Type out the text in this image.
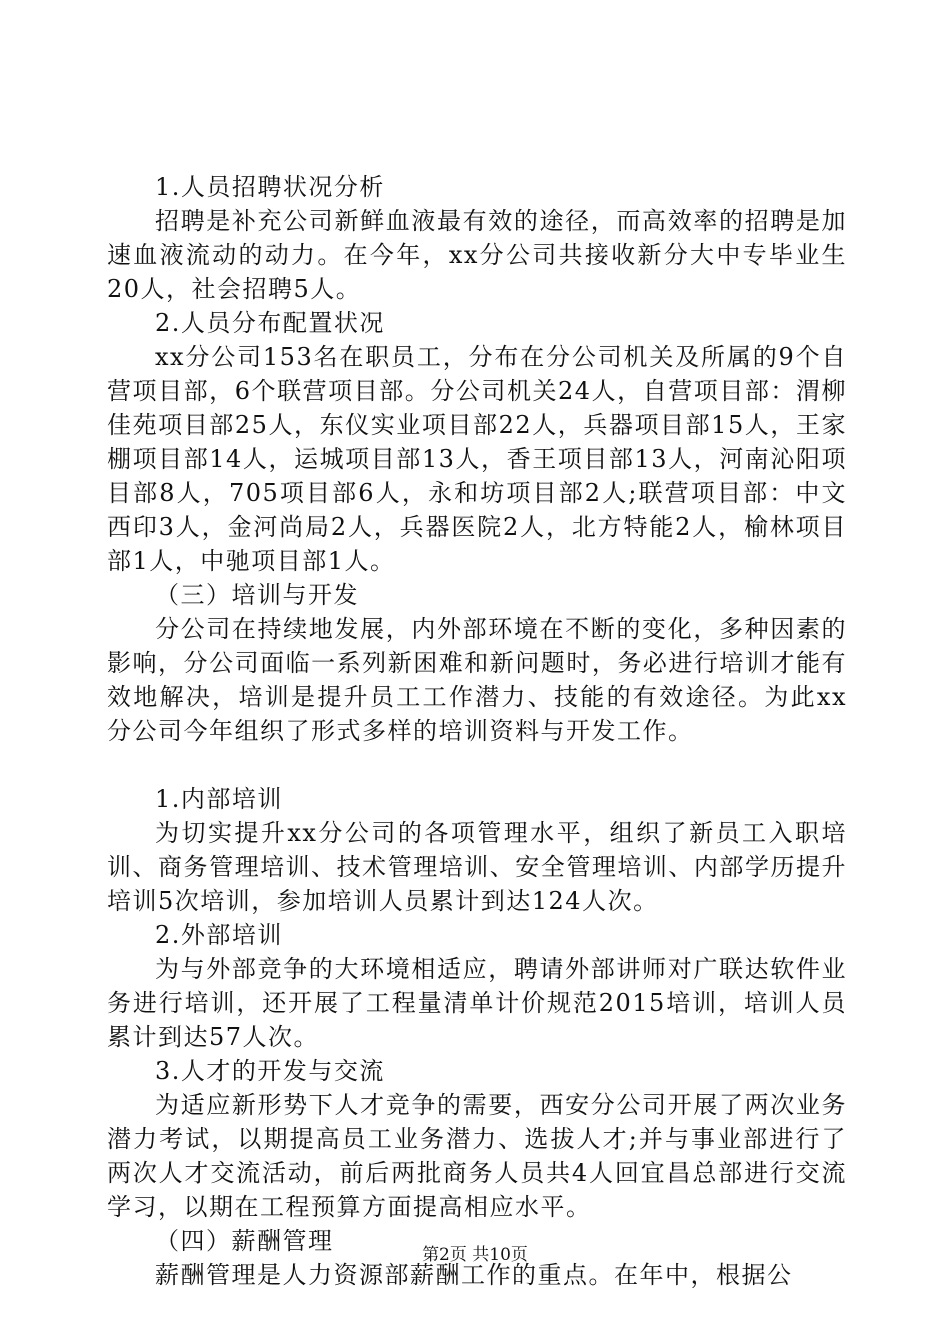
1.人员招聘状况分析

招聘是补充公司新鲜血液最有效的途径，而高效率的招聘是加速血液流动的动力。在今年，xx分公司共接收新分大中专毕业生20人，社会招聘5人。

2.人员分布配置状况

xx分公司153名在职员工，分布在分公司机关及所属的9个自营项目部，6个联营项目部。分公司机关24人，自营项目部：渭柳佳苑项目部25人，东仪实业项目部22人，兵器项目部15人，王家棚项目部14人，运城项目部13人，香王项目部13人，河南沁阳项目部8人，705项目部6人，永和坊项目部2人;联营项目部：中文西印3人，金河尚局2人，兵器医院2人，北方特能2人，榆林项目部1人，中驰项目部1人。

（三）培训与开发

分公司在持续地发展，内外部环境在不断的变化，多种因素的影响，分公司面临一系列新困难和新问题时，务必进行培训才能有效地解决，培训是提升员工工作潜力、技能的有效途径。为此xx分公司今年组织了形式多样的培训资料与开发工作。

1.内部培训

为切实提升xx分公司的各项管理水平，组织了新员工入职培训、商务管理培训、技术管理培训、安全管理培训、内部学历提升培训5次培训，参加培训人员累计到达124人次。

2.外部培训

为与外部竞争的大环境相适应，聘请外部讲师对广联达软件业务进行培训，还开展了工程量清单计价规范2015培训，培训人员累计到达57人次。

3.人才的开发与交流

为适应新形势下人才竞争的需要，西安分公司开展了两次业务潜力考试，以期提高员工业务潜力、选拔人才;并与事业部进行了两次人才交流活动，前后两批商务人员共4人回宜昌总部进行交流学习，以期在工程预算方面提高相应水平。

（四）薪酬管理

薪酬管理是人力资源部薪酬工作的重点。在年中，根据公

第2页 共10页
